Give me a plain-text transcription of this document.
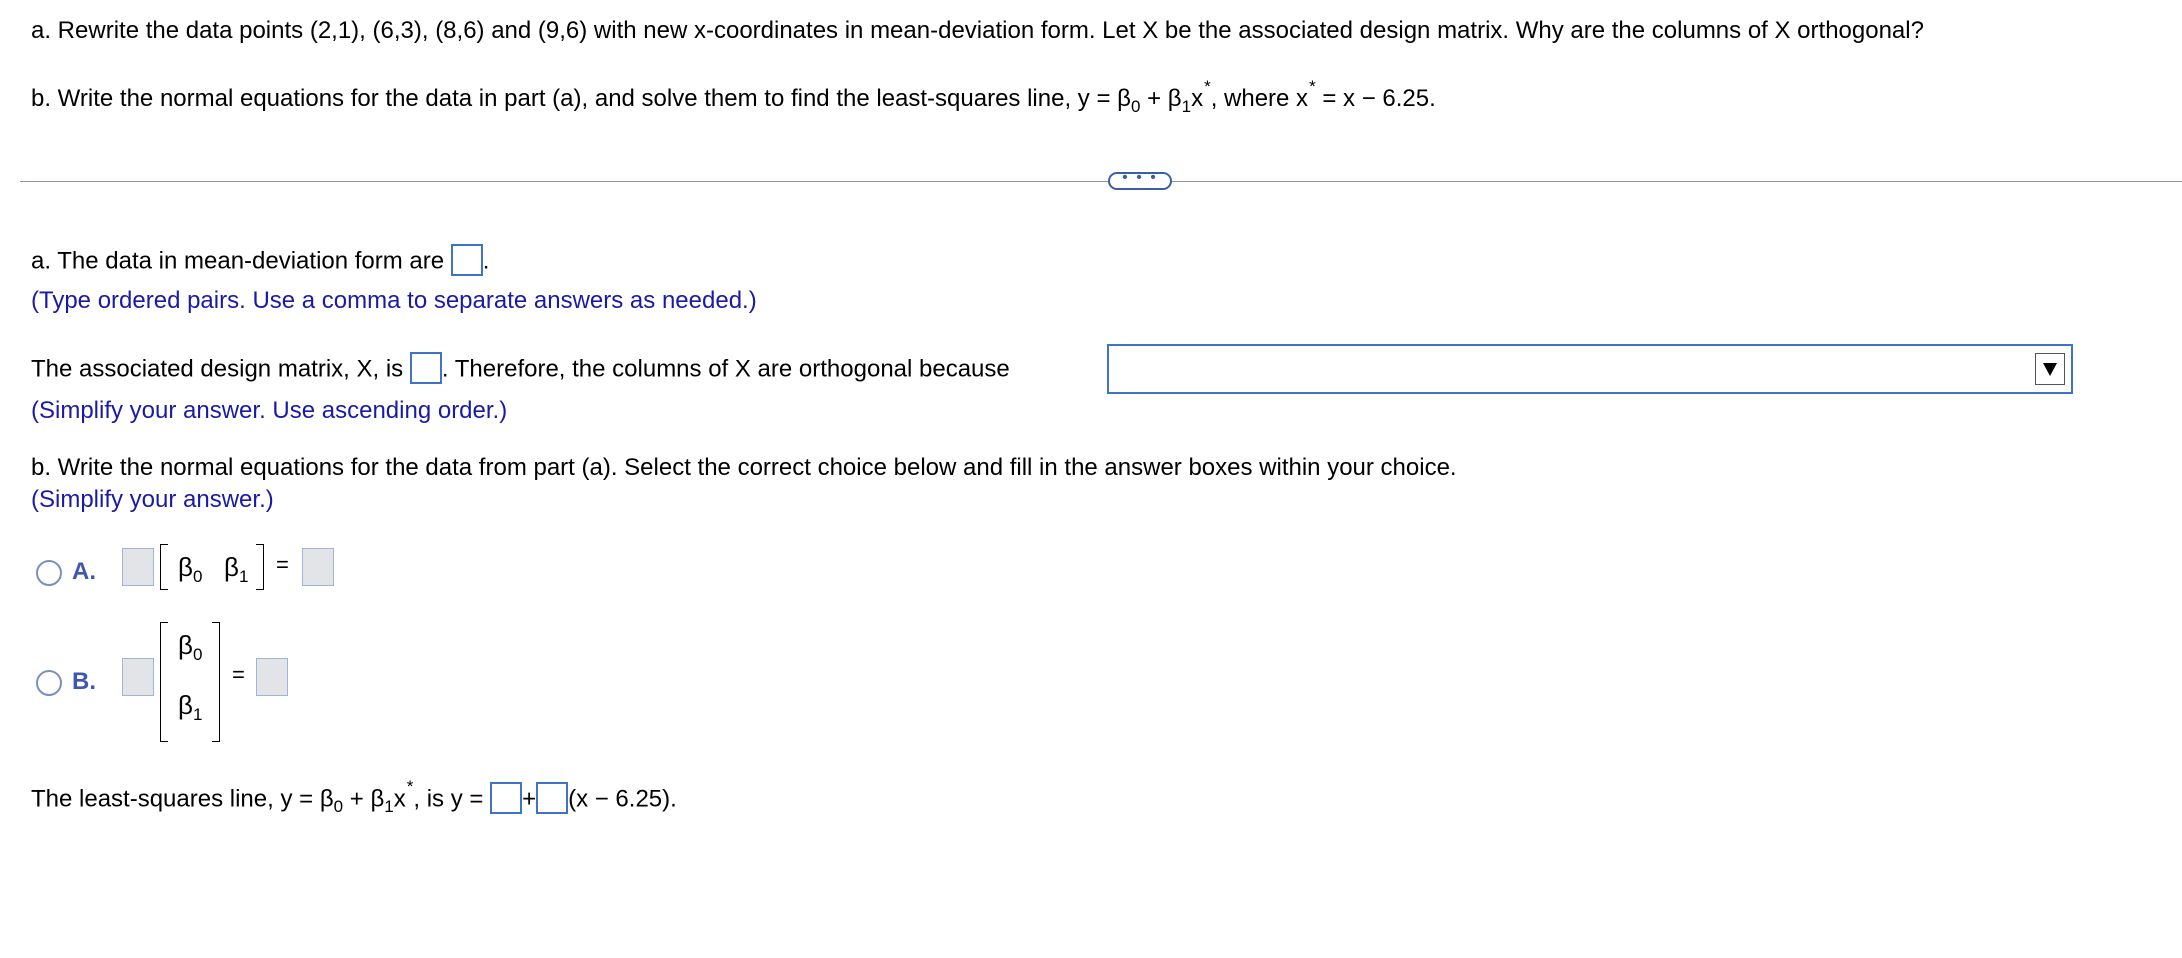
a. Rewrite the data points (2,1), (6,3), (8,6) and (9,6) with new x-coordinates in mean-deviation form. Let X be the associated design matrix. Why are the columns of X orthogonal?
b. Write the normal equations for the data in part (a), and solve them to find the least-squares line, $y = \beta_0 + \beta_1x^*$, where x* = x − 6.25.
• • •
a. The data in mean-deviation form are .
(Type ordered pairs. Use a comma to separate answers as needed.)
The associated design matrix, X, is . Therefore, the columns of X are orthogonal because
(Simplify your answer. Use ascending order.)
b. Write the normal equations for the data from part (a). Select the correct choice below and fill in the answer boxes within your choice.
(Simplify your answer.)
A.	$\beta_0$ $\beta_1$ =
B.
$\beta_0$
$\beta_1$
=
The least-squares line, $y = \beta_0 + \beta_1x^*$, is y = + (x − 6.25).
